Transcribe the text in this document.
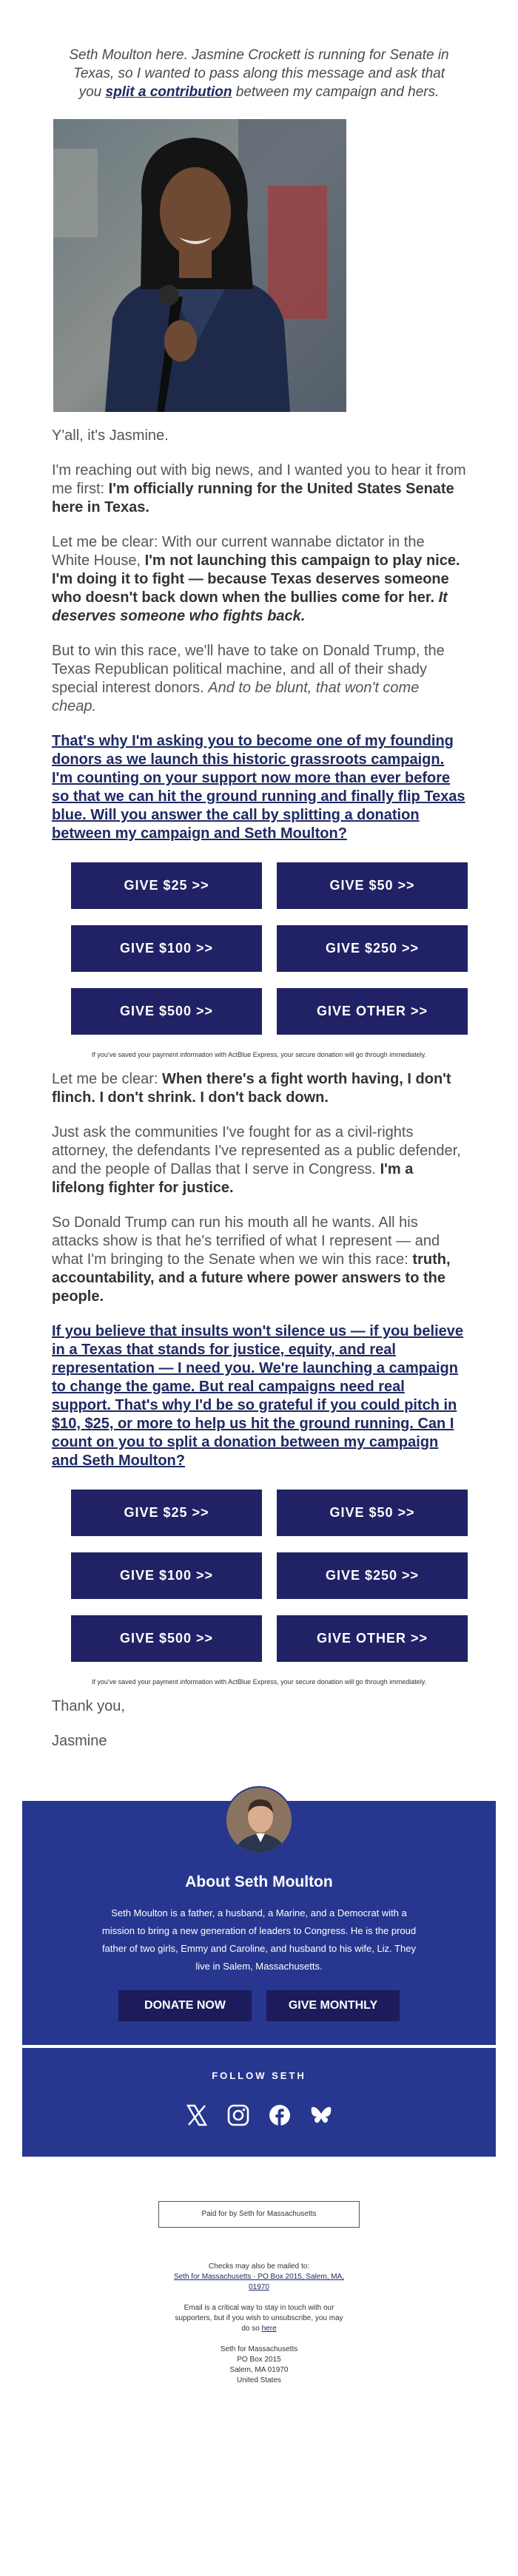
Seth Moulton here. Jasmine Crockett is running for Senate in Texas, so I wanted to pass along this message and ask that you split a contribution between my campaign and hers.

Y'all, it's Jasmine.

I'm reaching out with big news, and I wanted you to hear it from me first: I'm officially running for the United States Senate here in Texas.

Let me be clear: With our current wannabe dictator in the White House, I'm not launching this campaign to play nice. I'm doing it to fight — because Texas deserves someone who doesn't back down when the bullies come for her. It deserves someone who fights back.

But to win this race, we'll have to take on Donald Trump, the Texas Republican political machine, and all of their shady special interest donors. And to be blunt, that won't come cheap.

That's why I'm asking you to become one of my founding donors as we launch this historic grassroots campaign. I'm counting on your support now more than ever before so that we can hit the ground running and finally flip Texas blue. Will you answer the call by splitting a donation between my campaign and Seth Moulton?

GIVE $25 >>	GIVE $50 >>
GIVE $100 >>	GIVE $250 >>
GIVE $500 >>	GIVE OTHER >>
If you've saved your payment information with ActBlue Express, your secure donation will go through immediately.

Let me be clear: When there's a fight worth having, I don't flinch. I don't shrink. I don't back down.

Just ask the communities I've fought for as a civil-rights attorney, the defendants I've represented as a public defender, and the people of Dallas that I serve in Congress. I'm a lifelong fighter for justice.

So Donald Trump can run his mouth all he wants. All his attacks show is that he's terrified of what I represent — and what I'm bringing to the Senate when we win this race: truth, accountability, and a future where power answers to the people.

If you believe that insults won't silence us — if you believe in a Texas that stands for justice, equity, and real representation — I need you. We're launching a campaign to change the game. But real campaigns need real support. That's why I'd be so grateful if you could pitch in $10, $25, or more to help us hit the ground running. Can I count on you to split a donation between my campaign and Seth Moulton?

GIVE $25 >>	GIVE $50 >>
GIVE $100 >>	GIVE $250 >>
GIVE $500 >>	GIVE OTHER >>
If you've saved your payment information with ActBlue Express, your secure donation will go through immediately.

Thank you,

Jasmine

About Seth Moulton
Seth Moulton is a father, a husband, a Marine, and a Democrat with a mission to bring a new generation of leaders to Congress. He is the proud father of two girls, Emmy and Caroline, and husband to his wife, Liz. They live in Salem, Massachusetts.
DONATE NOW	GIVE MONTHLY
FOLLOW SETH
Paid for by Seth for Massachusetts

Checks may also be mailed to:
Seth for Massachusetts · PO Box 2015, Salem, MA, 01970

Email is a critical way to stay in touch with our supporters, but if you wish to unsubscribe, you may do so here

Seth for Massachusetts
PO Box 2015
Salem, MA 01970
United States
